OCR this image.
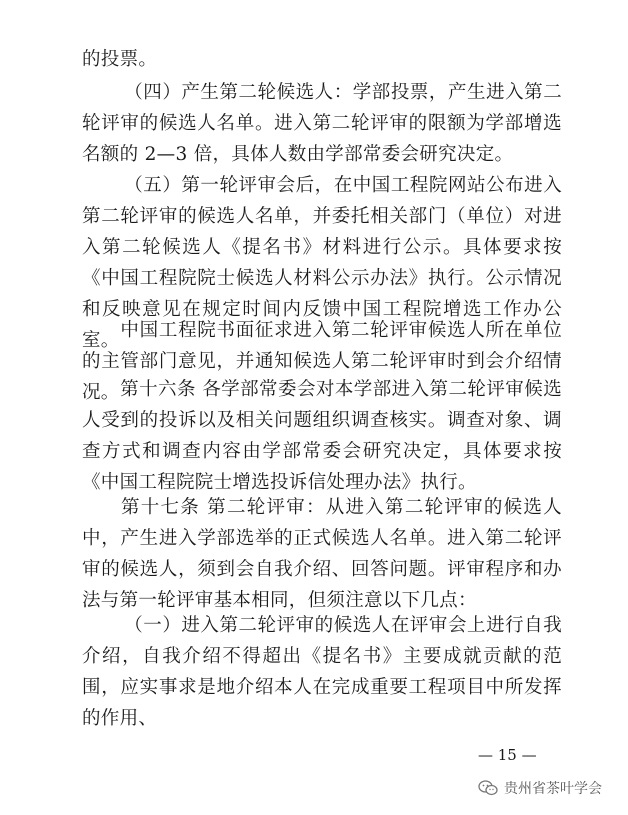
的投票。

（四）产生第二轮候选人：学部投票，产生进入第二轮评审的候选人名单。进入第二轮评审的限额为学部增选名额的 2—3 倍，具体人数由学部常委会研究决定。

（五）第一轮评审会后，在中国工程院网站公布进入第二轮评审的候选人名单，并委托相关部门（单位）对进入第二轮候选人《提名书》材料进行公示。具体要求按《中国工程院院士候选人材料公示办法》执行。公示情况和反映意见在规定时间内反馈中国工程院增选工作办公室。 中国工程院书面征求进入第二轮评审候选人所在单位的主管部门意见，并通知候选人第二轮评审时到会介绍情况。 第十六条 各学部常委会对本学部进入第二轮评审候选人受到的投诉以及相关问题组织调查核实。调查对象、调查方式和调查内容由学部常委会研究决定，具体要求按《中国工程院院士增选投诉信处理办法》执行。

第十七条 第二轮评审：从进入第二轮评审的候选人中，产生进入学部选举的正式候选人名单。进入第二轮评审的候选人，须到会自我介绍、回答问题。评审程序和办法与第一轮评审基本相同，但须注意以下几点：

（一）进入第二轮评审的候选人在评审会上进行自我介绍，自我介绍不得超出《提名书》主要成就贡献的范围，应实事求是地介绍本人在完成重要工程项目中所发挥的作用、

— 15 —
贵州省茶叶学会
